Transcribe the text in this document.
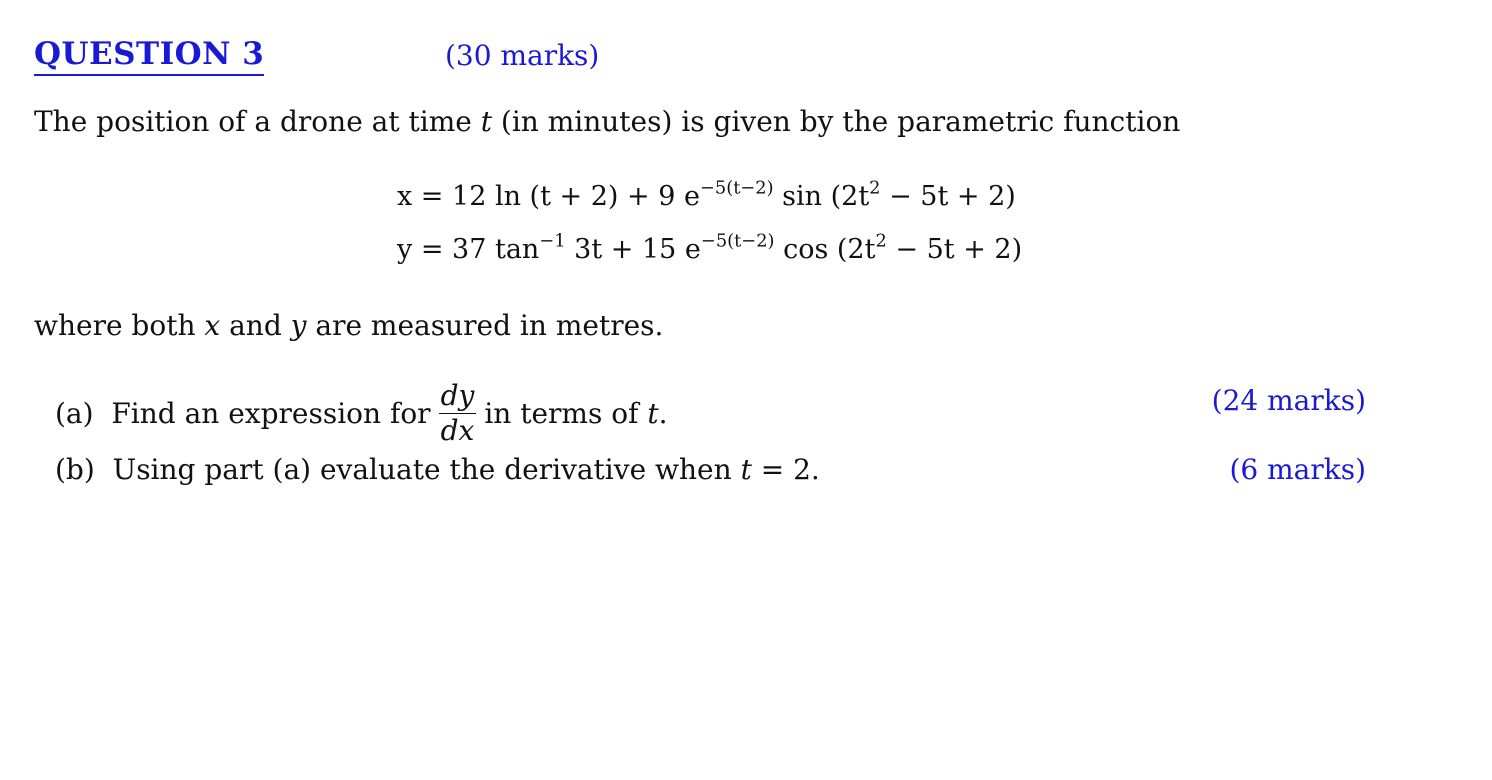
QUESTION 3	(30 marks)
The position of a drone at time t (in minutes) is given by the parametric function
x = 12 ln (t + 2) + 9 $e^{-5(t-2)}$ $\sin (2t^2 - 5t + 2)$
y = 37 $\tan^{-1} 3t + 15$ $e^{-5(t-2)}$ $\cos (2t^2 - 5t + 2)$
where both x and y are measured in metres.
(a) Find an expression for $\frac{dy}{dx}$ in terms of t.	(24 marks)
(b) Using part (a) evaluate the derivative when t = 2.	(6 marks)
